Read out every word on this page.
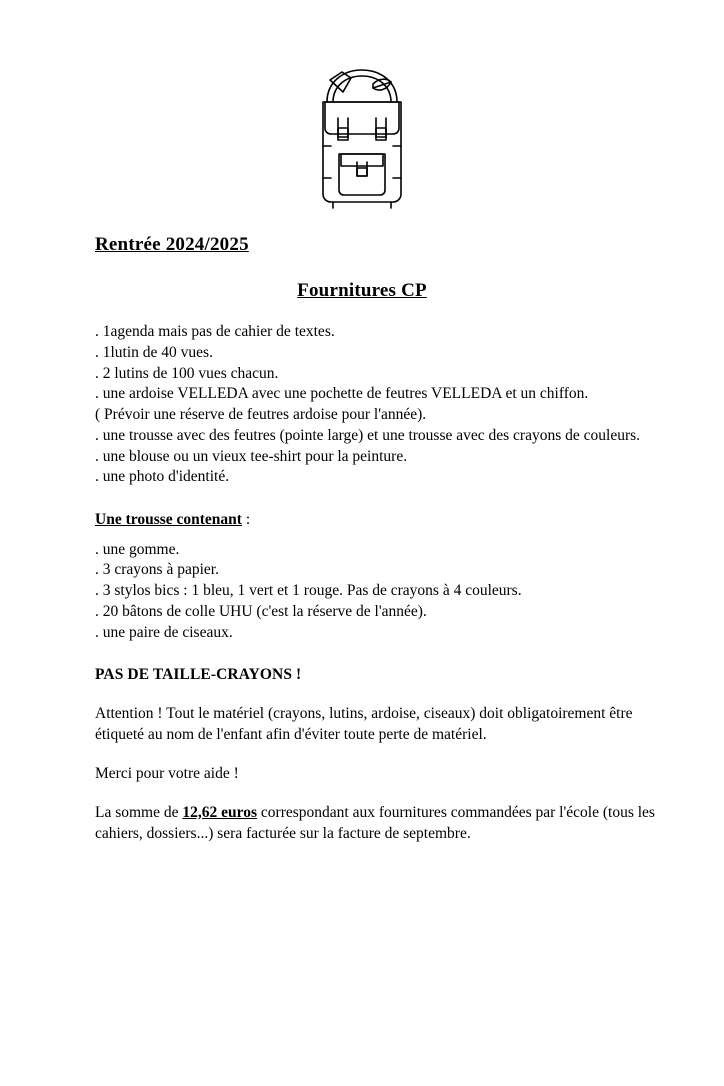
Rentrée 2024/2025
Fournitures CP
. 1agenda mais pas de cahier de textes.
. 1lutin de 40 vues.
. 2 lutins de 100 vues chacun.
. une ardoise VELLEDA avec une pochette de feutres VELLEDA et un chiffon.
( Prévoir une réserve de feutres ardoise pour l'année).
. une trousse avec des feutres (pointe large) et une trousse avec des crayons de couleurs.
. une blouse ou un vieux tee-shirt pour la peinture.
. une photo d'identité.
Une trousse contenant :
. une gomme.
. 3 crayons à papier.
. 3 stylos bics : 1 bleu, 1 vert et 1 rouge. Pas de crayons à 4 couleurs.
. 20 bâtons de colle UHU (c'est la réserve de l'année).
. une paire de ciseaux.
PAS DE TAILLE-CRAYONS !
Attention ! Tout le matériel (crayons, lutins, ardoise, ciseaux) doit obligatoirement être étiqueté au nom de l'enfant afin d'éviter toute perte de matériel.
Merci pour votre aide !
La somme de 12,62 euros correspondant aux fournitures commandées par l'école (tous les cahiers, dossiers...) sera facturée sur la facture de septembre.
